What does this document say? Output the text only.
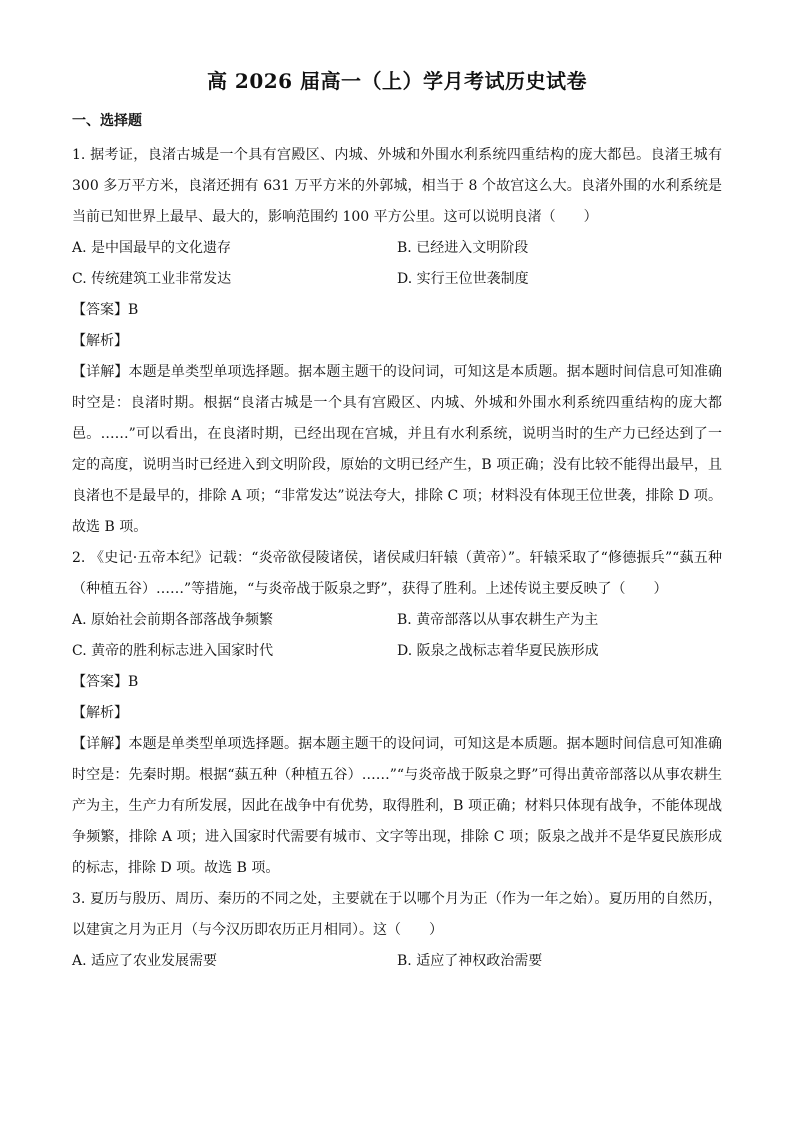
高 2026 届高一（上）学月考试历史试卷
一、选择题

1. 据考证，良渚古城是一个具有宫殿区、内城、外城和外围水利系统四重结构的庞大都邑。良渚王城有 300 多万平方米，良渚还拥有 631 万平方米的外郭城，相当于 8 个故宫这么大。良渚外围的水利系统是当前已知世界上最早、最大的，影响范围约 100 平方公里。这可以说明良渚（　　）

A. 是中国最早的文化遗存	B. 已经进入文明阶段
C. 传统建筑工业非常发达	D. 实行王位世袭制度

【答案】B

【解析】

【详解】本题是单类型单项选择题。据本题主题干的设问词，可知这是本质题。据本题时间信息可知准确时空是：良渚时期。根据“良渚古城是一个具有宫殿区、内城、外城和外围水利系统四重结构的庞大都邑。……”可以看出，在良渚时期，已经出现在宫城，并且有水利系统，说明当时的生产力已经达到了一定的高度，说明当时已经进入到文明阶段，原始的文明已经产生，B 项正确；没有比较不能得出最早，且良渚也不是最早的，排除 A 项；“非常发达”说法夸大，排除 C 项；材料没有体现王位世袭，排除 D 项。故选 B 项。

2. 《史记·五帝本纪》记载：“炎帝欲侵陵诸侯，诸侯咸归轩辕（黄帝）”。轩辕采取了“修德振兵”“蓺五种（种植五谷）……”等措施，“与炎帝战于阪泉之野”，获得了胜利。上述传说主要反映了（　　）

A. 原始社会前期各部落战争频繁	B. 黄帝部落以从事农耕生产为主
C. 黄帝的胜利标志进入国家时代	D. 阪泉之战标志着华夏民族形成

【答案】B

【解析】

【详解】本题是单类型单项选择题。据本题主题干的设问词，可知这是本质题。据本题时间信息可知准确时空是：先秦时期。根据“蓺五种（种植五谷）……”“与炎帝战于阪泉之野”可得出黄帝部落以从事农耕生产为主，生产力有所发展，因此在战争中有优势，取得胜利，B 项正确；材料只体现有战争，不能体现战争频繁，排除 A 项；进入国家时代需要有城市、文字等出现，排除 C 项；阪泉之战并不是华夏民族形成的标志，排除 D 项。故选 B 项。

3. 夏历与殷历、周历、秦历的不同之处，主要就在于以哪个月为正（作为一年之始）。夏历用的自然历，以建寅之月为正月（与今汉历即农历正月相同）。这（　　）

A. 适应了农业发展需要	B. 适应了神权政治需要
